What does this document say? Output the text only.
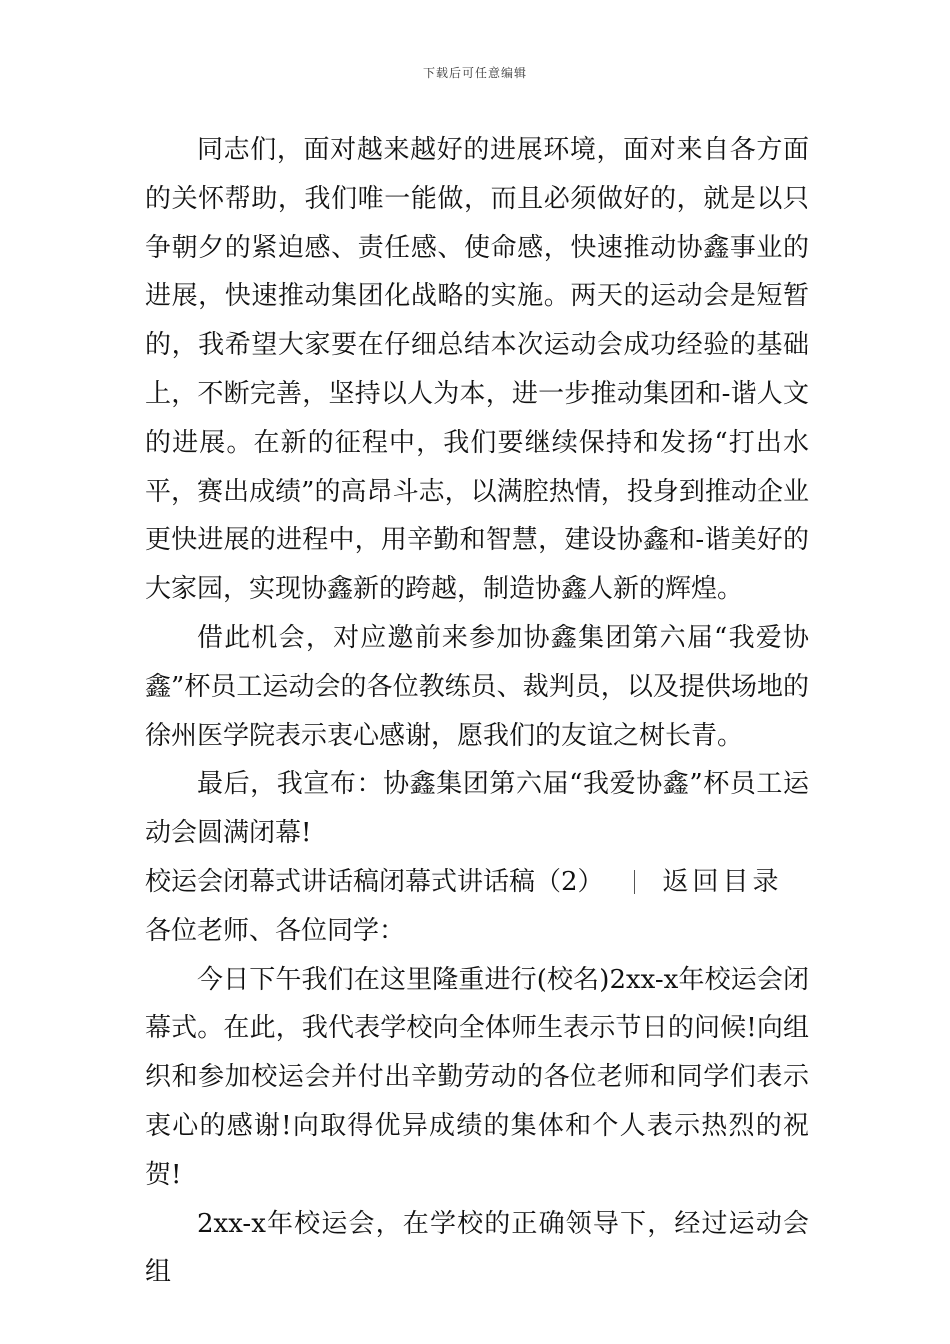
下载后可任意编辑

同志们，面对越来越好的进展环境，面对来自各方面的关怀帮助，我们唯一能做，而且必须做好的，就是以只争朝夕的紧迫感、责任感、使命感，快速推动协鑫事业的进展，快速推动集团化战略的实施。两天的运动会是短暂的，我希望大家要在仔细总结本次运动会成功经验的基础上，不断完善，坚持以人为本，进一步推动集团和-谐人文的进展。在新的征程中，我们要继续保持和发扬“打出水平，赛出成绩”的高昂斗志，以满腔热情，投身到推动企业更快进展的进程中，用辛勤和智慧，建设协鑫和-谐美好的大家园，实现协鑫新的跨越，制造协鑫人新的辉煌。

借此机会，对应邀前来参加协鑫集团第六届“我爱协鑫”杯员工运动会的各位教练员、裁判员，以及提供场地的徐州医学院表示衷心感谢，愿我们的友谊之树长青。

最后，我宣布：协鑫集团第六届“我爱协鑫”杯员工运动会圆满闭幕!

校运会闭幕式讲话稿闭幕式讲话稿（2） 返回目录

各位老师、各位同学：

今日下午我们在这里隆重进行(校名)2xx-x年校运会闭幕式。在此，我代表学校向全体师生表示节日的问候!向组织和参加校运会并付出辛勤劳动的各位老师和同学们表示衷心的感谢!向取得优异成绩的集体和个人表示热烈的祝贺!

2xx-x年校运会，在学校的正确领导下，经过运动会组
